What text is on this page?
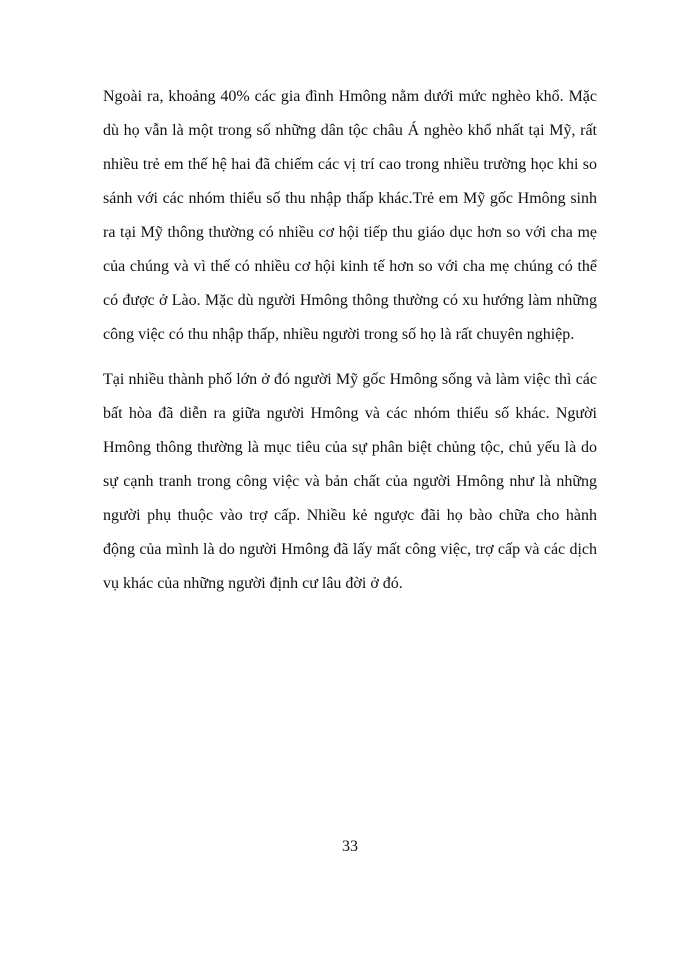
Ngoài ra, khoảng 40% các gia đình Hmông nằm dưới mức nghèo khổ. Mặc dù họ vẫn là một trong số những dân tộc châu Á nghèo khổ nhất tại Mỹ, rất nhiều trẻ em thế hệ hai đã chiếm các vị trí cao trong nhiều trường học khi so sánh với các nhóm thiểu số thu nhập thấp khác.Trẻ em Mỹ gốc Hmông sinh ra tại Mỹ thông thường có nhiều cơ hội tiếp thu giáo dục hơn so với cha mẹ của chúng và vì thế có nhiều cơ hội kinh tế hơn so với cha mẹ chúng có thể có được ở Lào. Mặc dù người Hmông thông thường có xu hướng làm những công việc có thu nhập thấp, nhiều người trong số họ là rất chuyên nghiệp.

Tại nhiều thành phố lớn ở đó người Mỹ gốc Hmông sống và làm việc thì các bất hòa đã diễn ra giữa người Hmông và các nhóm thiểu số khác. Người Hmông thông thường là mục tiêu của sự phân biệt chủng tộc, chủ yếu là do sự cạnh tranh trong công việc và bản chất của người Hmông như là những người phụ thuộc vào trợ cấp. Nhiều kẻ ngược đãi họ bào chữa cho hành động của mình là do người Hmông đã lấy mất công việc, trợ cấp và các dịch vụ khác của những người định cư lâu đời ở đó.

33
